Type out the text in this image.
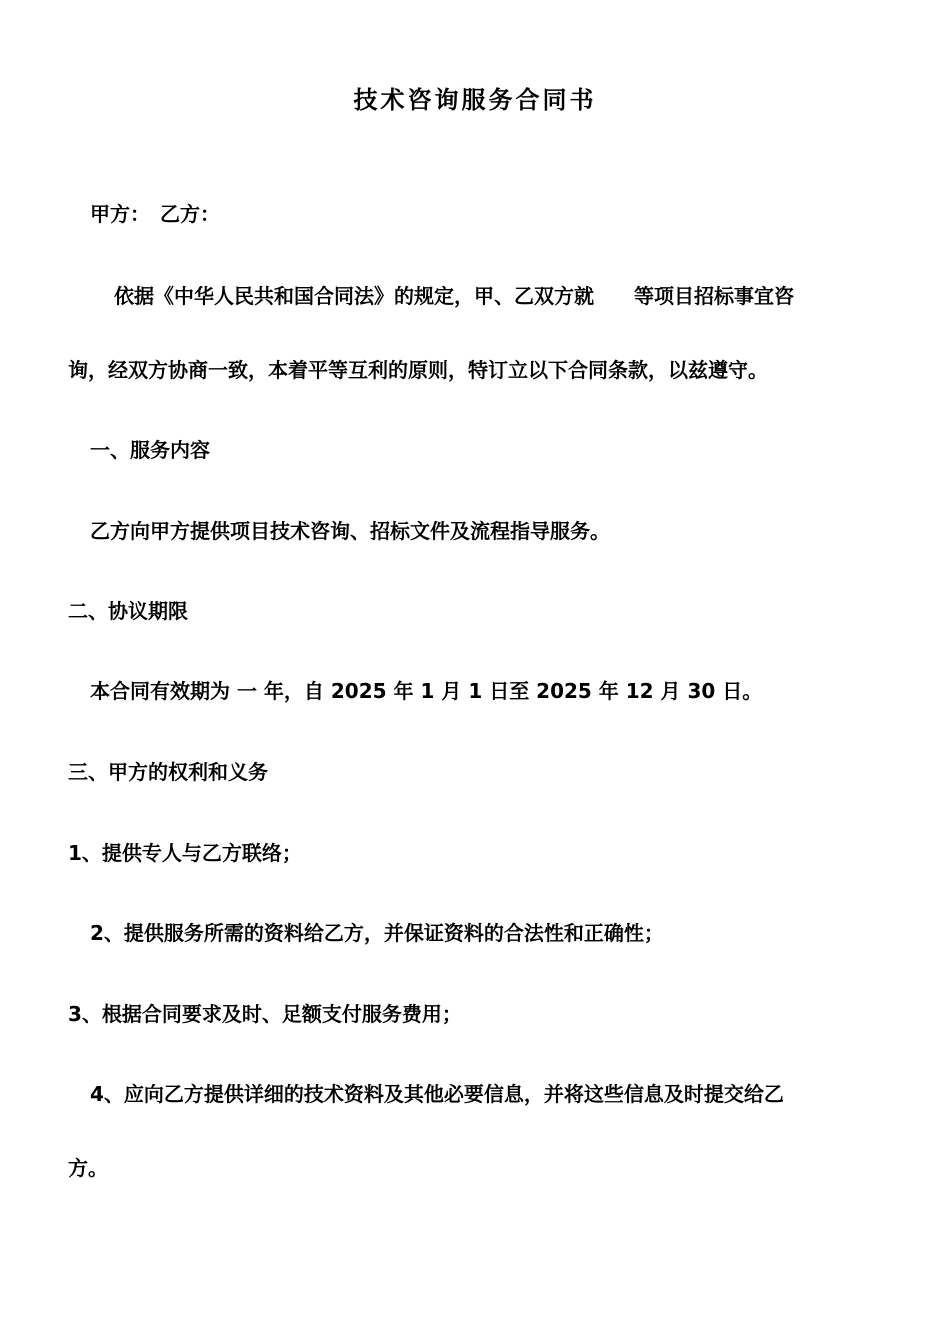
技术咨询服务合同书

甲方： 乙方：

依据《中华人民共和国合同法》的规定，甲、乙双方就 等项目招标事宜咨

询，经双方协商一致，本着平等互利的原则，特订立以下合同条款，以兹遵守。

一、服务内容

乙方向甲方提供项目技术咨询、招标文件及流程指导服务。

二、协议期限

本合同有效期为 一 年，自 2025 年 1 月 1 日至 2025 年 12 月 30 日。

三、甲方的权利和义务

1、提供专人与乙方联络；

2、提供服务所需的资料给乙方，并保证资料的合法性和正确性；

3、根据合同要求及时、足额支付服务费用；

4、应向乙方提供详细的技术资料及其他必要信息，并将这些信息及时提交给乙

方。
